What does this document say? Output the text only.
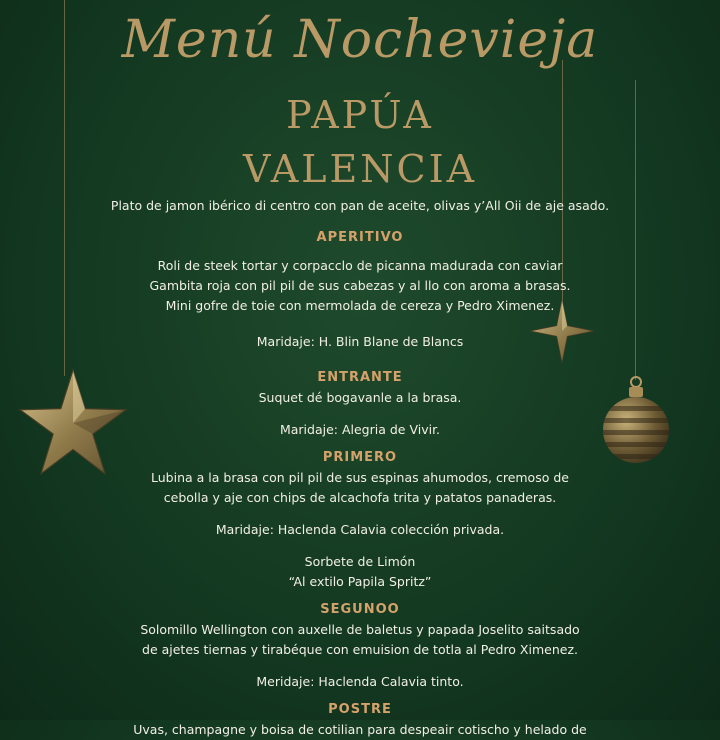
Menú Nochevieja
PAPÚA
VALENCIA

Plato de jamon ibérico di centro con pan de aceite, olivas y’All Oii de aje asado.

APERITIVO

Roli de steek tortar y corpacclo de picanna madurada con caviar

Gambita roja con pil pil de sus cabezas y al llo con aroma a brasas.

Mini gofre de toie con mermolada de cereza y Pedro Ximenez.

Maridaje: H. Blin Blane de Blancs

ENTRANTE

Suquet dé bogavanle a la brasa.

Maridaje: Alegria de Vivir.

PRIMERO

Lubina a la brasa con pil pil de sus espinas ahumodos, cremoso de

cebolla y aje con chips de alcachofa trita y patatos panaderas.

Maridaje: Haclenda Calavia colección privada.

Sorbete de Limón

“Al extilo Papila Spritz”

SEGUNOO

Solomillo Wellington con auxelle de baletus y papada Joselito saitsado

de ajetes tiernas y tirabéque con emuision de totla al Pedro Ximenez.

Meridaje: Haclenda Calavia tinto.

POSTRE

Uvas, champagne y boisa de cotilian para despeair cotischo y helado de
